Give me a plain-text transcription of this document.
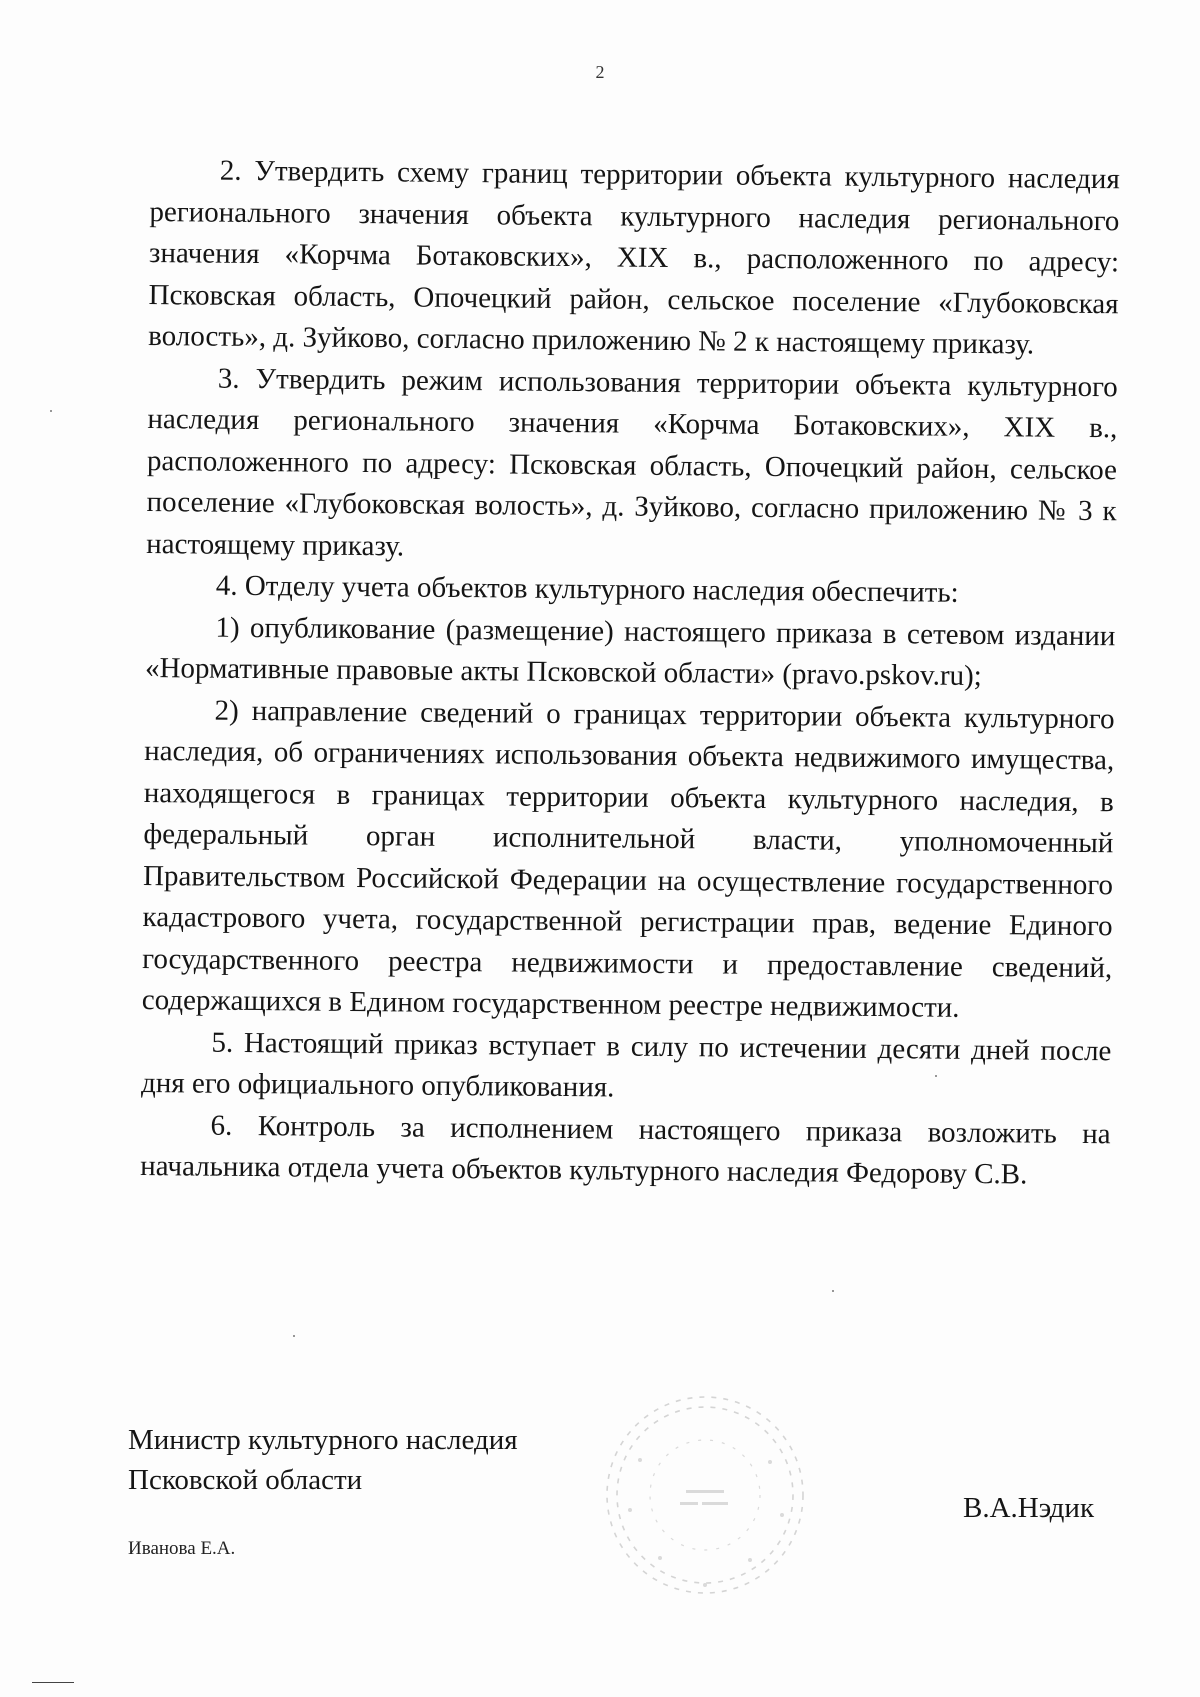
2

2. Утвердить схему границ территории объекта культурного наследия регионального значения объекта культурного наследия регионального значения «Корчма Ботаковских», XIX в., расположенного по адресу: Псковская область, Опочецкий район, сельское поселение «Глубоковская волость», д. Зуйково, согласно приложению № 2 к настоящему приказу.

3. Утвердить режим использования территории объекта культурного наследия регионального значения «Корчма Ботаковских», XIX в., расположенного по адресу: Псковская область, Опочецкий район, сельское поселение «Глубоковская волость», д. Зуйково, согласно приложению № 3 к настоящему приказу.

4. Отделу учета объектов культурного наследия обеспечить:

1) опубликование (размещение) настоящего приказа в сетевом издании «Нормативные правовые акты Псковской области» (pravo.pskov.ru);

2) направление сведений о границах территории объекта культурного наследия, об ограничениях использования объекта недвижимого имущества, находящегося в границах территории объекта культурного наследия, в федеральный орган исполнительной власти, уполномоченный Правительством Российской Федерации на осуществление государственного кадастрового учета, государственной регистрации прав, ведение Единого государственного реестра недвижимости и предоставление сведений, содержащихся в Едином государственном реестре недвижимости.

5. Настоящий приказ вступает в силу по истечении десяти дней после дня его официального опубликования.

6. Контроль за исполнением настоящего приказа возложить на начальника отдела учета объектов культурного наследия Федорову С.В.

Министр культурного наследия
Псковской области
В.А.Нэдик
Иванова Е.А.
